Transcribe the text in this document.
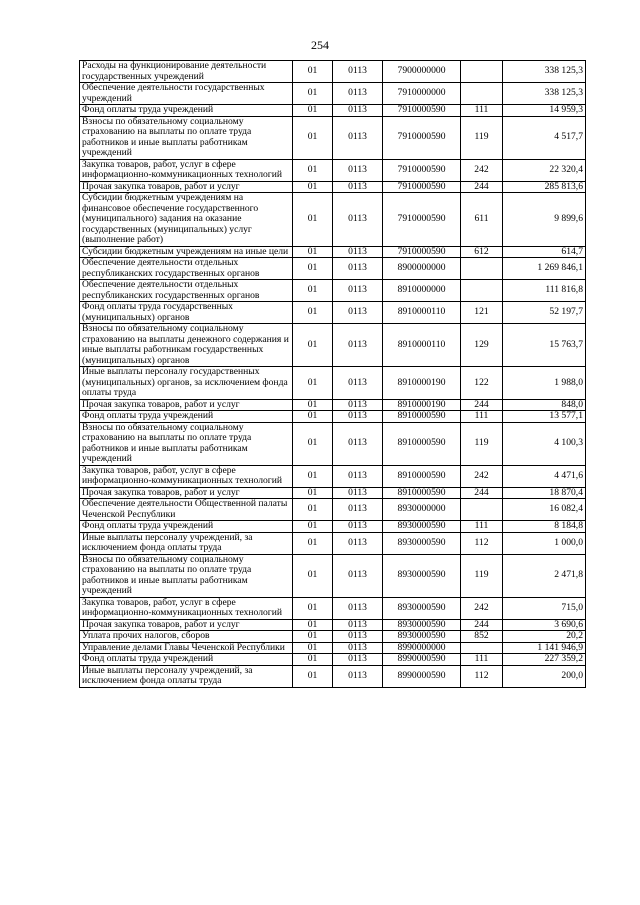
254
Расходы на функционирование деятельности государственных учреждений	01	0113	7900000000		338 125,3
Обеспечение деятельности государственных учреждений	01	0113	7910000000		338 125,3
Фонд оплаты труда учреждений	01	0113	7910000590	111	14 959,3
Взносы по обязательному социальному страхованию на выплаты по оплате труда работников и иные выплаты работникам учреждений	01	0113	7910000590	119	4 517,7
Закупка товаров, работ, услуг в сфере информационно-коммуникационных технологий	01	0113	7910000590	242	22 320,4
Прочая закупка товаров, работ и услуг	01	0113	7910000590	244	285 813,6
Субсидии бюджетным учреждениям на финансовое обеспечение государственного (муниципального) задания на оказание государственных (муниципальных) услуг (выполнение работ)	01	0113	7910000590	611	9 899,6
Субсидии бюджетным учреждениям на иные цели	01	0113	7910000590	612	614,7
Обеспечение деятельности отдельных республиканских государственных органов	01	0113	8900000000		1 269 846,1
Обеспечение деятельности отдельных республиканских государственных органов	01	0113	8910000000		111 816,8
Фонд оплаты труда государственных (муниципальных) органов	01	0113	8910000110	121	52 197,7
Взносы по обязательному социальному страхованию на выплаты денежного содержания и иные выплаты работникам государственных (муниципальных) органов	01	0113	8910000110	129	15 763,7
Иные выплаты персоналу государственных (муниципальных) органов, за исключением фонда оплаты труда	01	0113	8910000190	122	1 988,0
Прочая закупка товаров, работ и услуг	01	0113	8910000190	244	848,0
Фонд оплаты труда учреждений	01	0113	8910000590	111	13 577,1
Взносы по обязательному социальному страхованию на выплаты по оплате труда работников и иные выплаты работникам учреждений	01	0113	8910000590	119	4 100,3
Закупка товаров, работ, услуг в сфере информационно-коммуникационных технологий	01	0113	8910000590	242	4 471,6
Прочая закупка товаров, работ и услуг	01	0113	8910000590	244	18 870,4
Обеспечение деятельности Общественной палаты Чеченской Республики	01	0113	8930000000		16 082,4
Фонд оплаты труда учреждений	01	0113	8930000590	111	8 184,8
Иные выплаты персоналу учреждений, за исключением фонда оплаты труда	01	0113	8930000590	112	1 000,0
Взносы по обязательному социальному страхованию на выплаты по оплате труда работников и иные выплаты работникам учреждений	01	0113	8930000590	119	2 471,8
Закупка товаров, работ, услуг в сфере информационно-коммуникационных технологий	01	0113	8930000590	242	715,0
Прочая закупка товаров, работ и услуг	01	0113	8930000590	244	3 690,6
Уплата прочих налогов, сборов	01	0113	8930000590	852	20,2
Управление делами Главы Чеченской Республики	01	0113	8990000000		1 141 946,9
Фонд оплаты труда учреждений	01	0113	8990000590	111	227 359,2
Иные выплаты персоналу учреждений, за исключением фонда оплаты труда	01	0113	8990000590	112	200,0
